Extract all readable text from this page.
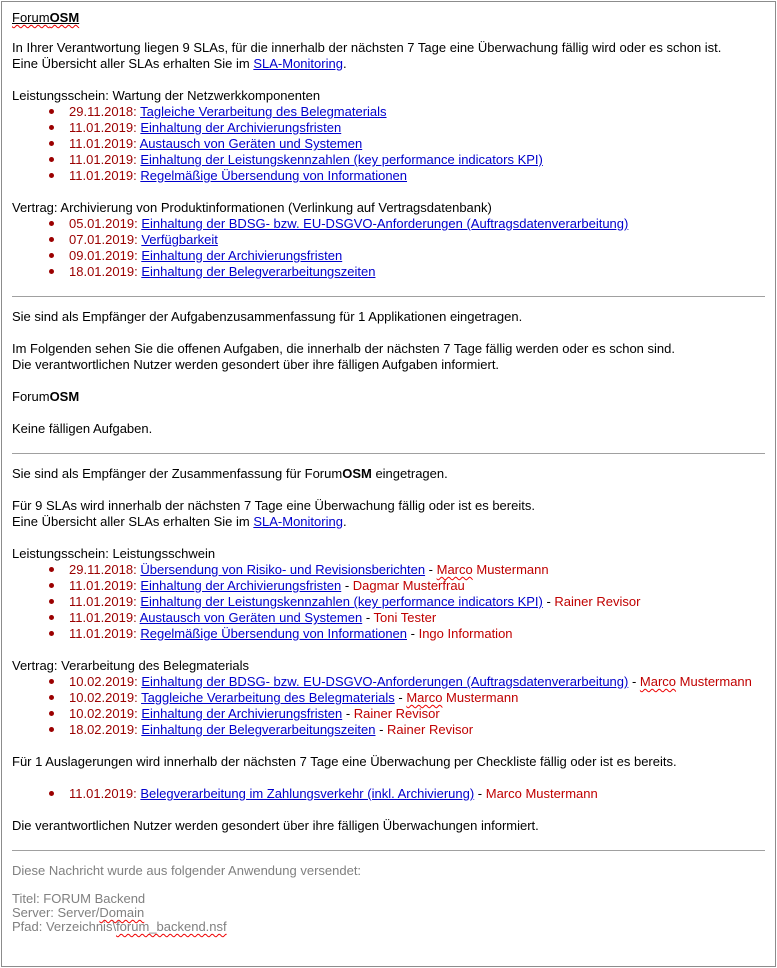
ForumOSM
In Ihrer Verantwortung liegen 9 SLAs, für die innerhalb der nächsten 7 Tage eine Überwachung fällig wird oder es schon ist.
Eine Übersicht aller SLAs erhalten Sie im SLA-Monitoring.
Leistungsschein: Wartung der Netzwerkkomponenten
29.11.2018: Tagleiche Verarbeitung des Belegmaterials
11.01.2019: Einhaltung der Archivierungsfristen
11.01.2019: Austausch von Geräten und Systemen
11.01.2019: Einhaltung der Leistungskennzahlen (key performance indicators KPI)
11.01.2019: Regelmäßige Übersendung von Informationen
Vertrag: Archivierung von Produktinformationen (Verlinkung auf Vertragsdatenbank)
05.01.2019: Einhaltung der BDSG- bzw. EU-DSGVO-Anforderungen (Auftragsdatenverarbeitung)
07.01.2019: Verfügbarkeit
09.01.2019: Einhaltung der Archivierungsfristen
18.01.2019: Einhaltung der Belegverarbeitungszeiten
Sie sind als Empfänger der Aufgabenzusammenfassung für 1 Applikationen eingetragen.
Im Folgenden sehen Sie die offenen Aufgaben, die innerhalb der nächsten 7 Tage fällig werden oder es schon sind.
Die verantwortlichen Nutzer werden gesondert über ihre fälligen Aufgaben informiert.
ForumOSM
Keine fälligen Aufgaben.
Sie sind als Empfänger der Zusammenfassung für ForumOSM eingetragen.
Für 9 SLAs wird innerhalb der nächsten 7 Tage eine Überwachung fällig oder ist es bereits.
Eine Übersicht aller SLAs erhalten Sie im SLA-Monitoring.
Leistungsschein: Leistungsschwein
29.11.2018: Übersendung von Risiko- und Revisionsberichten - Marco Mustermann
11.01.2019: Einhaltung der Archivierungsfristen - Dagmar Musterfrau
11.01.2019: Einhaltung der Leistungskennzahlen (key performance indicators KPI) - Rainer Revisor
11.01.2019: Austausch von Geräten und Systemen - Toni Tester
11.01.2019: Regelmäßige Übersendung von Informationen - Ingo Information
Vertrag: Verarbeitung des Belegmaterials
10.02.2019: Einhaltung der BDSG- bzw. EU-DSGVO-Anforderungen (Auftragsdatenverarbeitung) - Marco Mustermann
10.02.2019: Taggleiche Verarbeitung des Belegmaterials - Marco Mustermann
10.02.2019: Einhaltung der Archivierungsfristen - Rainer Revisor
18.02.2019: Einhaltung der Belegverarbeitungszeiten - Rainer Revisor
Für 1 Auslagerungen wird innerhalb der nächsten 7 Tage eine Überwachung per Checkliste fällig oder ist es bereits.
11.01.2019: Belegverarbeitung im Zahlungsverkehr (inkl. Archivierung) - Marco Mustermann
Die verantwortlichen Nutzer werden gesondert über ihre fälligen Überwachungen informiert.
Diese Nachricht wurde aus folgender Anwendung versendet:
Titel: FORUM Backend
Server: Server/Domain
Pfad: Verzeichnis\forum_backend.nsf
